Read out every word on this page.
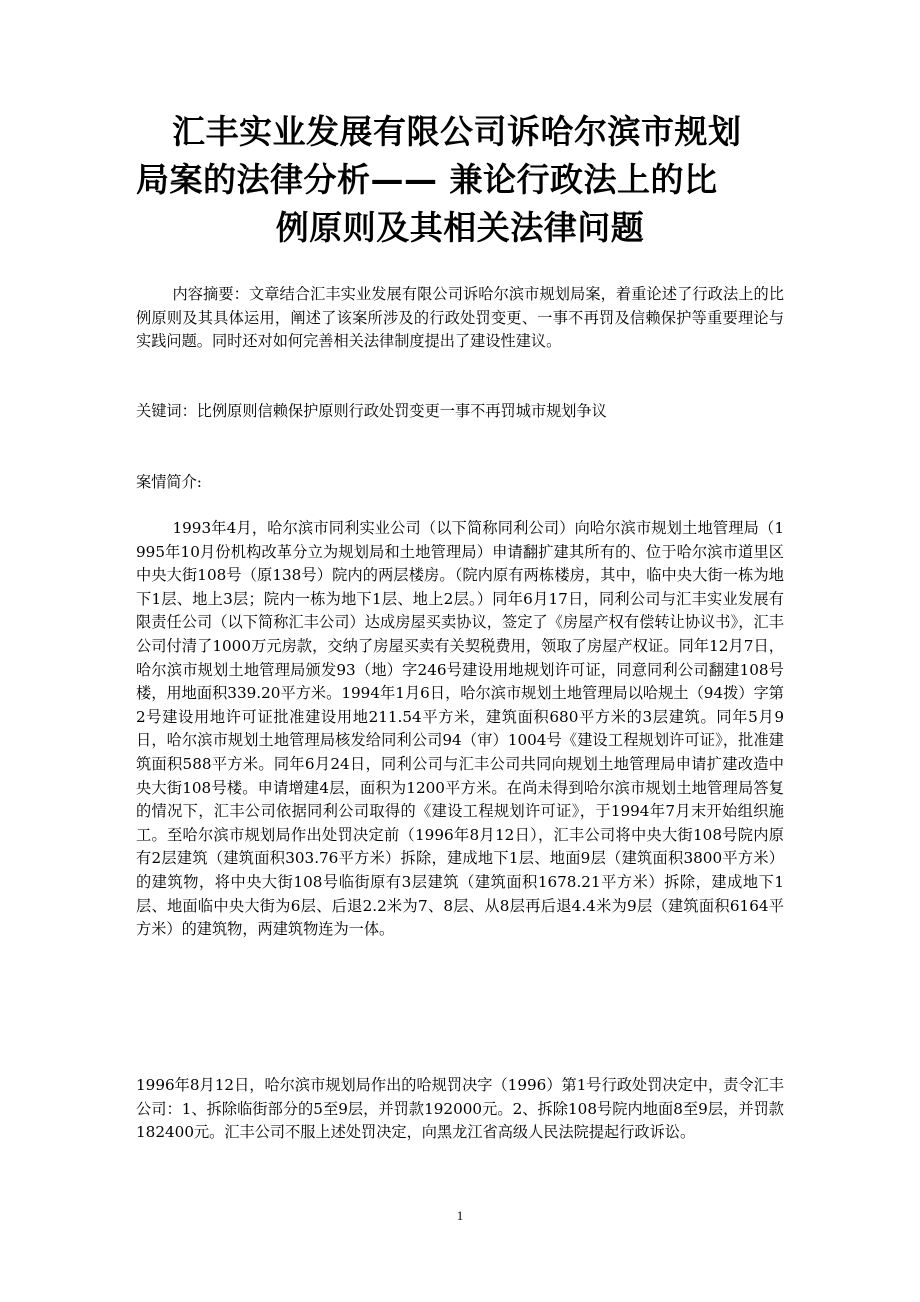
汇丰实业发展有限公司诉哈尔滨市规划
局案的法律分析—— 兼论行政法上的比
例原则及其相关法律问题

内容摘要：文章结合汇丰实业发展有限公司诉哈尔滨市规划局案，着重论述了行政法上的比例原则及其具体运用，阐述了该案所涉及的行政处罚变更、一事不再罚及信赖保护等重要理论与实践问题。同时还对如何完善相关法律制度提出了建设性建议。

关键词：比例原则信赖保护原则行政处罚变更一事不再罚城市规划争议

案情简介:

1993年4月，哈尔滨市同利实业公司（以下简称同利公司）向哈尔滨市规划土地管理局（1995年10月份机构改革分立为规划局和土地管理局）申请翻扩建其所有的、位于哈尔滨市道里区中央大街108号（原138号）院内的两层楼房。（院内原有两栋楼房，其中，临中央大街一栋为地下1层、地上3层；院内一栋为地下1层、地上2层。）同年6月17日，同利公司与汇丰实业发展有限责任公司（以下简称汇丰公司）达成房屋买卖协议，签定了《房屋产权有偿转让协议书》，汇丰公司付清了1000万元房款，交纳了房屋买卖有关契税费用，领取了房屋产权证。同年12月7日，哈尔滨市规划土地管理局颁发93（地）字246号建设用地规划许可证，同意同利公司翻建108号楼，用地面积339.20平方米。1994年1月6日，哈尔滨市规划土地管理局以哈规土（94拨）字第2号建设用地许可证批准建设用地211.54平方米，建筑面积680平方米的3层建筑。同年5月9日，哈尔滨市规划土地管理局核发给同利公司94（审）1004号《建设工程规划许可证》，批准建筑面积588平方米。同年6月24日，同利公司与汇丰公司共同向规划土地管理局申请扩建改造中央大街108号楼。申请增建4层，面积为1200平方米。在尚未得到哈尔滨市规划土地管理局答复的情况下，汇丰公司依据同利公司取得的《建设工程规划许可证》，于1994年7月末开始组织施工。至哈尔滨市规划局作出处罚决定前（1996年8月12日），汇丰公司将中央大街108号院内原有2层建筑（建筑面积303.76平方米）拆除，建成地下1层、地面9层（建筑面积3800平方米）的建筑物，将中央大街108号临街原有3层建筑（建筑面积1678.21平方米）拆除，建成地下1层、地面临中央大街为6层、后退2.2米为7、8层、从8层再后退4.4米为9层（建筑面积6164平方米）的建筑物，两建筑物连为一体。

1996年8月12日，哈尔滨市规划局作出的哈规罚决字（1996）第1号行政处罚决定中，责令汇丰公司：1、拆除临街部分的5至9层，并罚款192000元。2、拆除108号院内地面8至9层，并罚款182400元。汇丰公司不服上述处罚决定，向黑龙江省高级人民法院提起行政诉讼。

1
